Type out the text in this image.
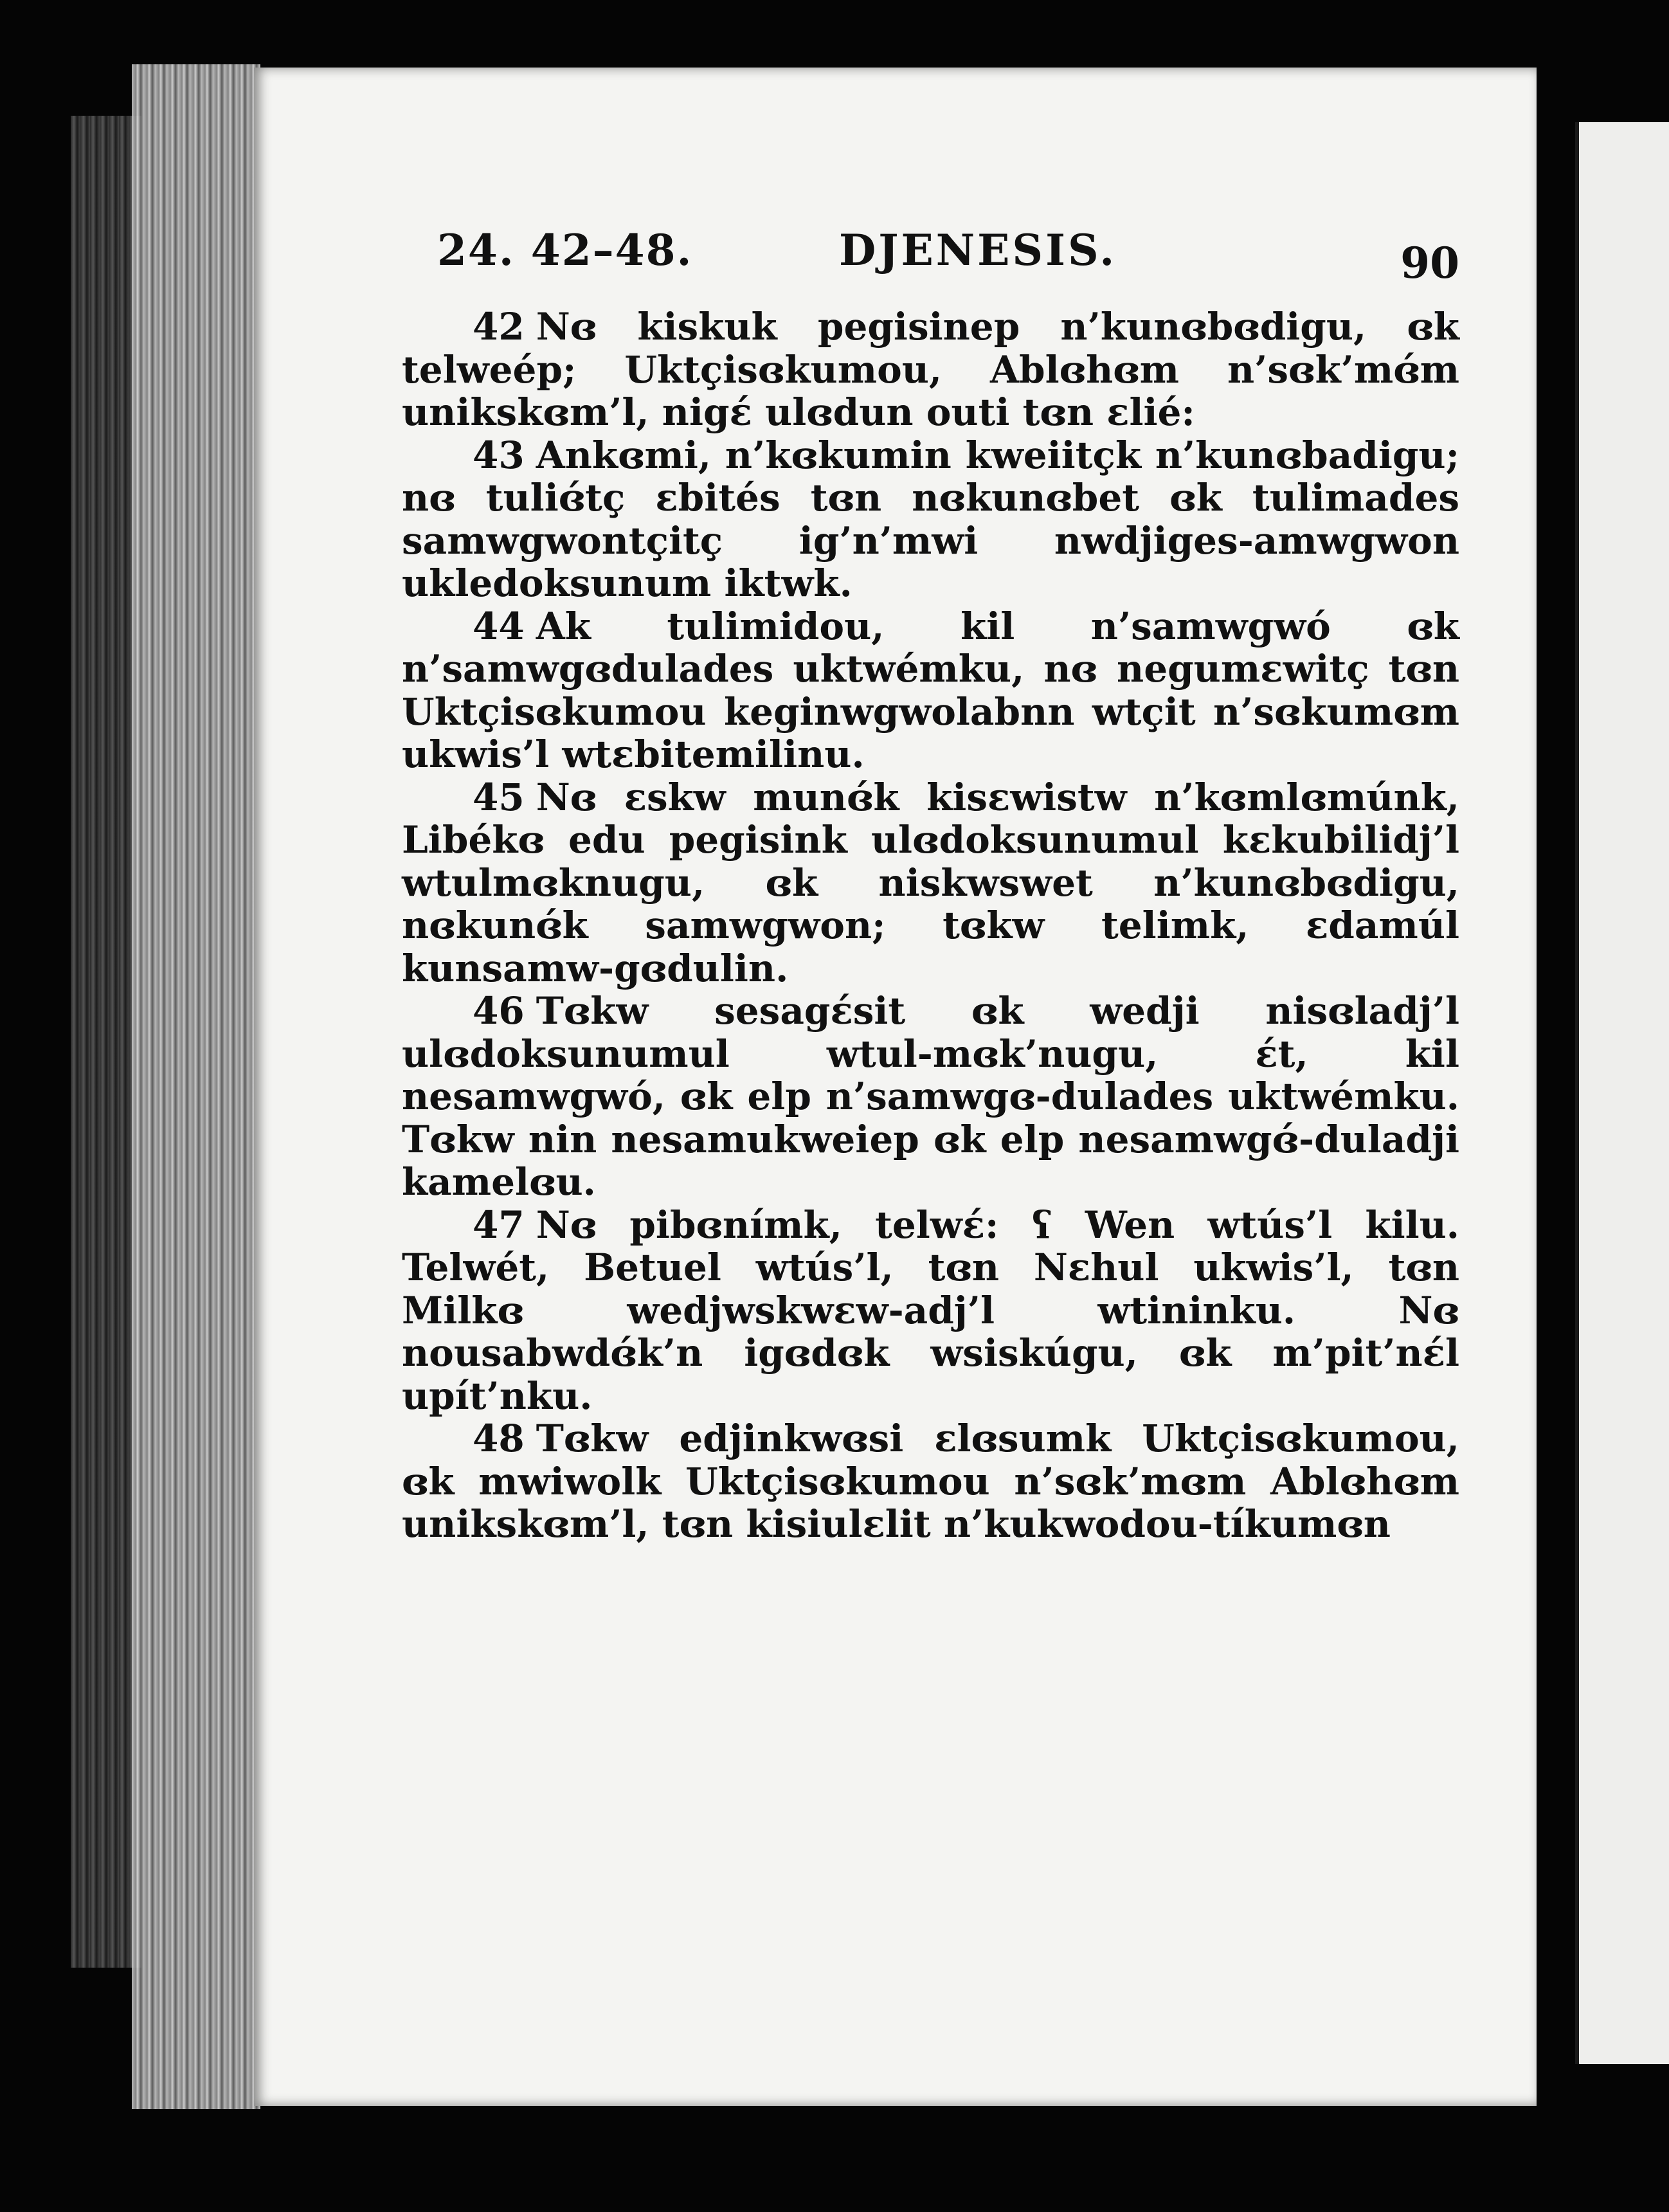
24. 42–48.	DJENESIS.	90

42 Nɞ kiskuk pegisinep n’kunɞbɞdigu, ɞk telweép; Uktçisɞkumou, Ablɞhɞm n’sɞk’mɞ́m unikskɞm’l, nigɛ́ ulɞdun outi tɞn ɛlié:

43 Ankɞmi, n’kɞkumin kweiitçk n’kunɞbadigu; nɞ tuliɞ́tç ɛbités tɞn nɞkunɞbet ɞk tulimades samwgwontçitç ig’n’mwi nwdjiges-amwgwon ukledoksunum iktwk.

44 Ak tulimidou, kil n’samwgwó ɞk n’samwgɞdulades uktwémku, nɞ negumɛwitç tɞn Uktçisɞkumou keginwgwolabnn wtçit n’sɞkumɞm ukwis’l wtɛbitemilinu.

45 Nɞ ɛskw munɞ́k kisɛwistw n’kɞmlɞmúnk, Libékɞ edu pegisink ulɞdoksunumul kɛkubilidj’l wtulmɞknugu, ɞk niskwswet n’kunɞbɞdigu, nɞkunɞ́k samwgwon; tɞkw telimk, ɛdamúl kunsamw-gɞdulin.

46 Tɞkw sesagɛ́sit ɞk wedji nisɞladj’l ulɞdoksunumul wtul-mɞk’nugu, ɛ́t, kil nesamwgwó, ɞk elp n’samwgɞ-dulades uktwémku. Tɞkw nin nesamukweiep ɞk elp nesamwgɞ́-duladji kamelɞu.

47 Nɞ pibɞnímk, telwɛ́: ʕ Wen wtús’l kilu. Telwét, Betuel wtús’l, tɞn Nɛhul ukwis’l, tɞn Milkɞ wedjwskwɛw-adj’l wtininku. Nɞ nousabwdɞ́k’n igɞdɞk wsiskúgu, ɞk m’pit’nɛ́l upít’nku.

48 Tɞkw edjinkwɞsi ɛlɞsumk Uktçisɞkumou, ɞk mwiwolk Uktçisɞkumou n’sɞk’mɞm Ablɞhɞm unikskɞm’l, tɞn kisiulɛlit n’kukwodou-tíkumɞn
